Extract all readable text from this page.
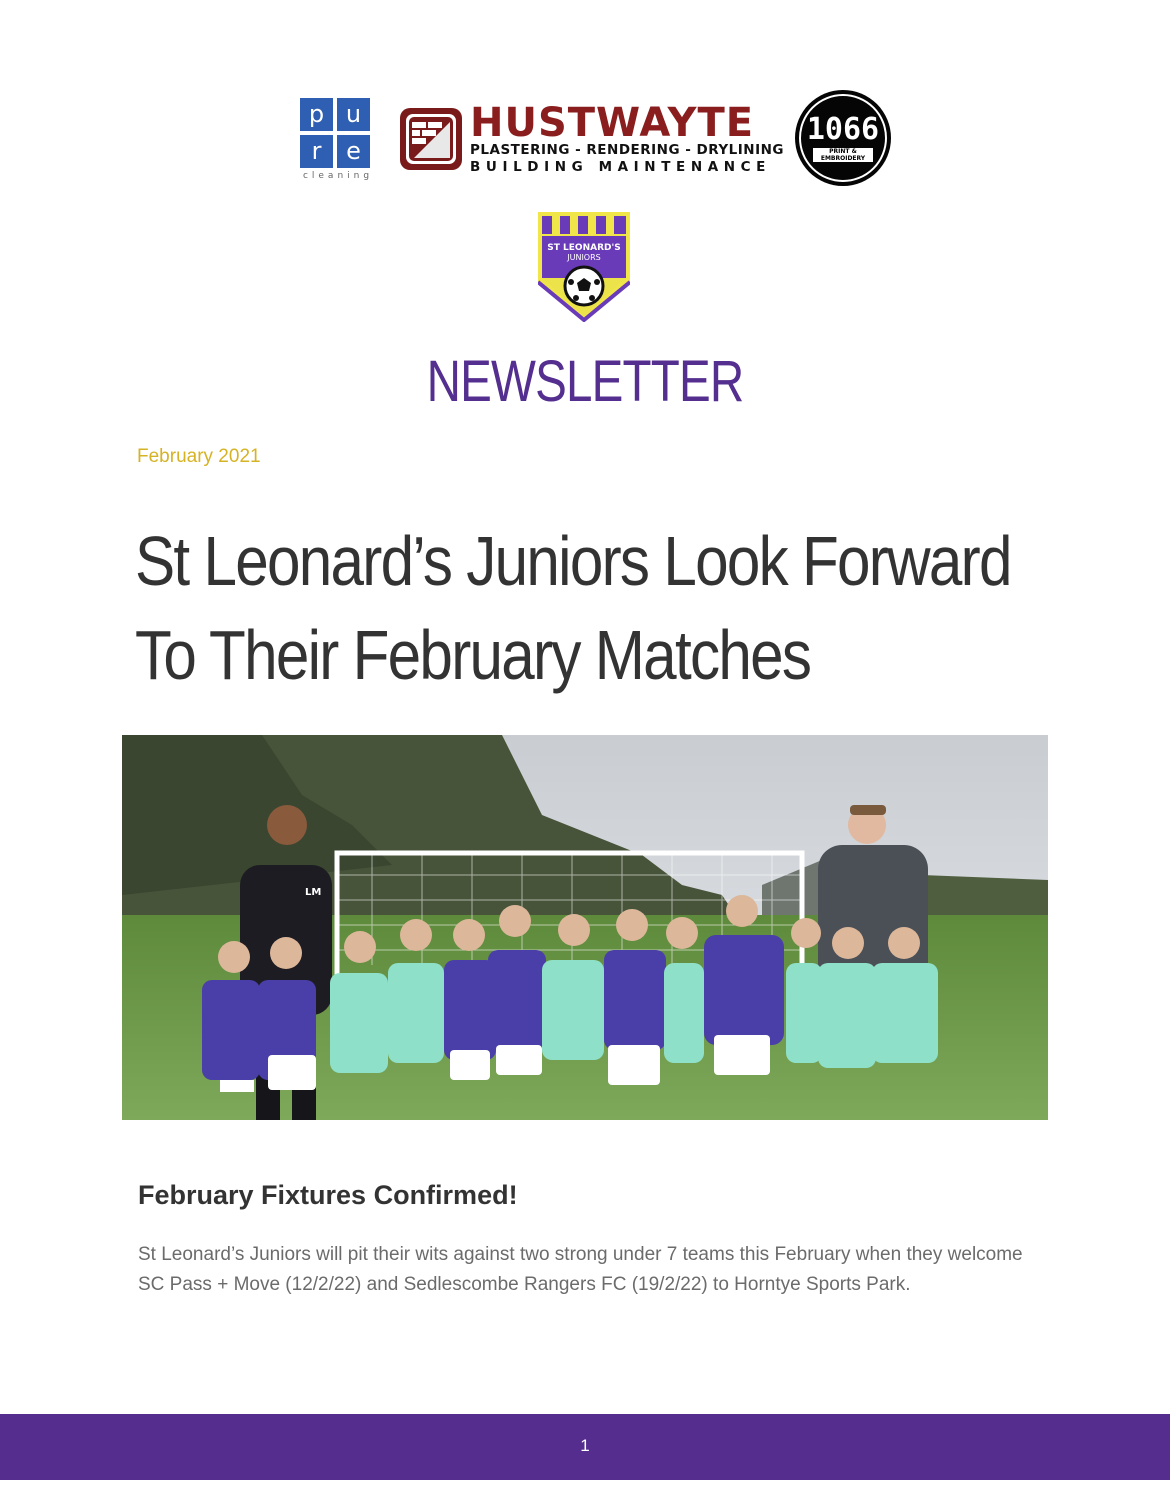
p u
r	e
cleaning
HUSTWAYTE
PLASTERING - RENDERING - DRYLINING
BUILDING MAINTENANCE
1066
PRINT & EMBROIDERY
ST LEONARD'S
JUNIORS
NEWSLETTER
February 2021
St Leonard’s Juniors Look Forward To Their February Matches
LM
February Fixtures Confirmed!

St Leonard’s Juniors will pit their wits against two strong under 7 teams this February when they welcome SC Pass + Move (12/2/22) and Sedlescombe Rangers FC (19/2/22) to Horntye Sports Park.

1
